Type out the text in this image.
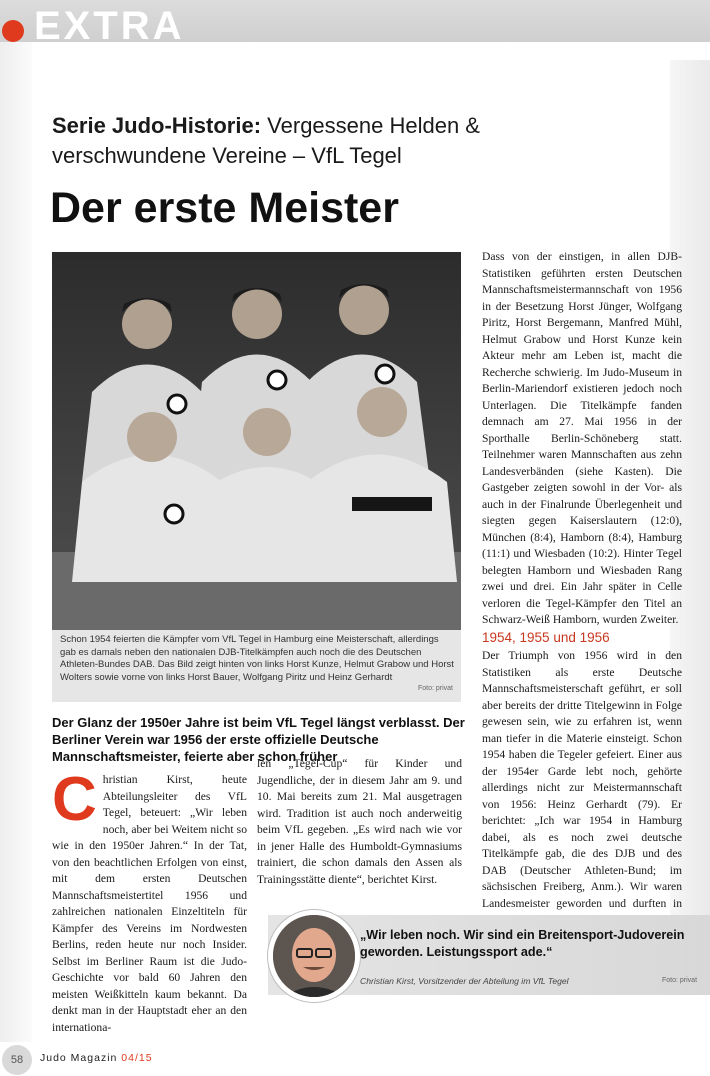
EXTRA
Serie Judo-Historie: Vergessene Helden &
verschwundene Vereine – VfL Tegel
Der erste Meister
Schon 1954 feierten die Kämpfer vom VfL Tegel in Hamburg eine Meisterschaft, allerdings gab es damals neben den nationalen DJB-Titelkämpfen auch noch die des Deutschen Athleten-Bundes DAB. Das Bild zeigt hinten von links Horst Kunze, Helmut Grabow und Horst Wolters sowie vorne von links Horst Bauer, Wolfgang Piritz und Heinz Gerhardt
Foto: privat
Der Glanz der 1950er Jahre ist beim VfL Tegel längst verblasst. Der Berliner Verein war 1956 der erste offizielle Deutsche Mannschaftsmeister, feierte aber schon früher
C hristian Kirst, heute Abteilungsleiter des VfL Tegel, beteuert: „Wir leben noch, aber bei Weitem nicht so wie in den 1950er Jahren.“ In der Tat, von den beachtlichen Erfolgen von einst, mit dem ersten Deutschen Mannschaftsmeistertitel 1956 und zahlreichen nationalen Einzeltiteln für Kämpfer des Vereins im Nordwesten Berlins, reden heute nur noch Insider. Selbst im Berliner Raum ist die Judo-Geschichte vor bald 60 Jahren den meisten Weißkitteln kaum bekannt. Da denkt man in der Hauptstadt eher an den internationa-
len „Tegel-Cup“ für Kinder und Jugendliche, der in diesem Jahr am 9. und 10. Mai bereits zum 21. Mal ausgetragen wird. Tradition ist auch noch anderweitig beim VfL gegeben. „Es wird nach wie vor in jener Halle des Humboldt-Gymnasiums trainiert, die schon damals den Assen als Trainingsstätte diente“, berichtet Kirst.
Dass von der einstigen, in allen DJB-Statistiken geführten ersten Deutschen Mannschaftsmeistermannschaft von 1956 in der Besetzung Horst Jünger, Wolfgang Piritz, Horst Bergemann, Manfred Mühl, Helmut Grabow und Horst Kunze kein Akteur mehr am Leben ist, macht die Recherche schwierig. Im Judo-Museum in Berlin-Mariendorf existieren jedoch noch Unterlagen. Die Titelkämpfe fanden demnach am 27. Mai 1956 in der Sporthalle Berlin-Schöneberg statt. Teilnehmer waren Mannschaften aus zehn Landesverbänden (siehe Kasten). Die Gastgeber zeigten sowohl in der Vor- als auch in der Finalrunde Überlegenheit und siegten gegen Kaiserslautern (12:0), München (8:4), Hamborn (8:4), Hamburg (11:1) und Wiesbaden (10:2). Hinter Tegel belegten Hamborn und Wiesbaden Rang zwei und drei. Ein Jahr später in Celle verloren die Tegel-Kämpfer den Titel an Schwarz-Weiß Hamborn, wurden Zweiter.
1954, 1955 und 1956
Der Triumph von 1956 wird in den Statistiken als erste Deutsche Mannschaftsmeisterschaft geführt, er soll aber bereits der dritte Titelgewinn in Folge gewesen sein, wie zu erfahren ist, wenn man tiefer in die Materie einsteigt. Schon 1954 haben die Tegeler gefeiert. Einer aus der 1954er Garde lebt noch, gehörte allerdings nicht zur Meistermannschaft von 1956: Heinz Gerhardt (79). Er berichtet: „Ich war 1954 in Hamburg dabei, als es noch zwei deutsche Titelkämpfe gab, die des DJB und des DAB (Deutscher Athleten-Bund; im sächsischen Freiberg, Anm.). Wir waren Landesmeister geworden und durften in
„Wir leben noch. Wir sind ein Breitensport-Judoverein geworden. Leistungssport ade.“
Christian Kirst, Vorsitzender der Abteilung im VfL Tegel	Foto: privat
58	Judo Magazin 04/15
